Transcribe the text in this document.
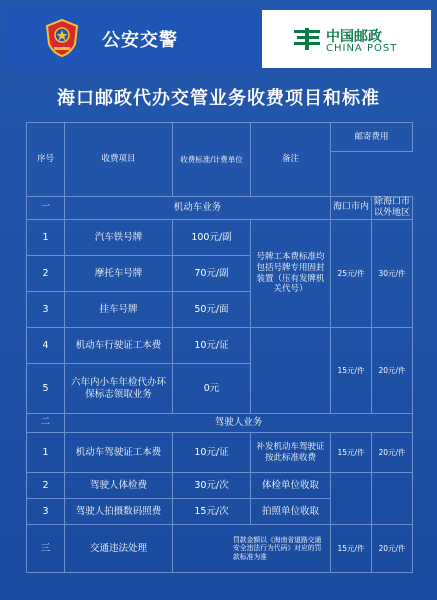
公安交警	中国邮政
CHINA POST
海口邮政代办交管业务收费项目和标准
序号	收费项目	收费标准/计费单位	备注	邮寄费用	

一	机动车业务			海口市内	除海口市以外地区
1	汽车铁号牌	100元/副	号牌工本费标准均包括号牌专用固封装置（压有发牌机关代号）	25元/件	30元/件
2	摩托车号牌	70元/副			
3	挂车号牌	50元/面			
4	机动车行驶证工本费	10元/证		15元/件	20元/件
5	六年内小车年检代办环保标志领取业务	0元			
二	驾驶人业务				
1	机动车驾驶证工本费	10元/证	补发机动车驾驶证按此标准收费	15元/件	20元/件
2	驾驶人体检费	30元/次	体检单位收取		
3	驾驶人拍摄数码照费	15元/次	拍照单位收取		
三	交通违法处理	罚款金额以《海南省道路交通安全违法行为代码》对应的罚款标准为准		15元/件	20元/件
